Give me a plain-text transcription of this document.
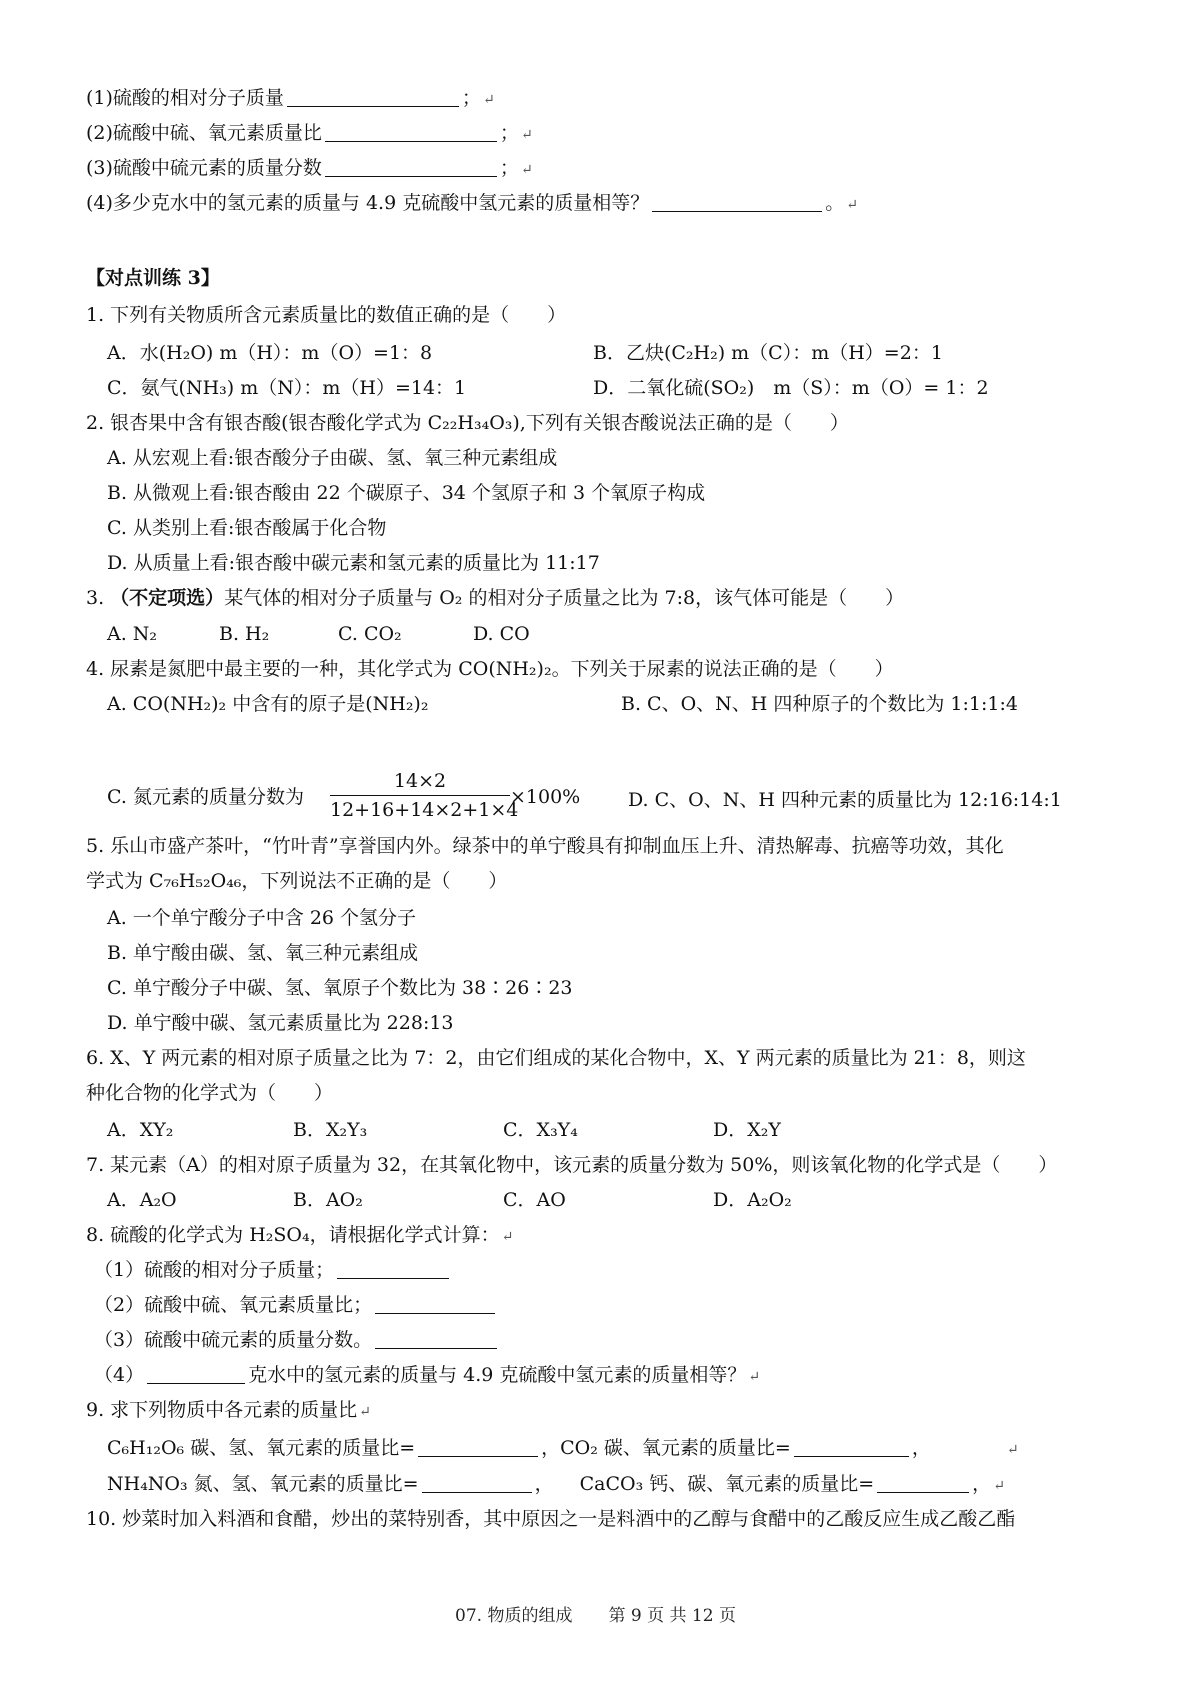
(1)硫酸的相对分子质量	； ↵
(2)硫酸中硫、氧元素质量比	； ↵
(3)硫酸中硫元素的质量分数	； ↵
(4)多少克水中的氢元素的质量与 4.9 克硫酸中氢元素的质量相等？	。 ↵
【对点训练 3】
1. 下列有关物质所含元素质量比的数值正确的是（　　）
A．水(H₂O) m（H）：m（O）=1：8	B．乙炔(C₂H₂) m（C）：m（H）=2：1
C．氨气(NH₃) m（N）：m（H）=14：1	D．二氧化硫(SO₂)　m（S）：m（O）= 1：2
2. 银杏果中含有银杏酸(银杏酸化学式为 C₂₂H₃₄O₃),下列有关银杏酸说法正确的是（　　）
A. 从宏观上看:银杏酸分子由碳、氢、氧三种元素组成
B. 从微观上看:银杏酸由 22 个碳原子、34 个氢原子和 3 个氧原子构成
C. 从类别上看:银杏酸属于化合物
D. 从质量上看:银杏酸中碳元素和氢元素的质量比为 11:17
3. （不定项选）某气体的相对分子质量与 O₂ 的相对分子质量之比为 7:8，该气体可能是（　　）
A. N₂	B. H₂	C. CO₂	D. CO
4. 尿素是氮肥中最主要的一种，其化学式为 CO(NH₂)₂。下列关于尿素的说法正确的是（　　）
A. CO(NH₂)₂ 中含有的原子是(NH₂)₂	B. C、O、N、H 四种原子的个数比为 1:1:1:4
C. 氮元素的质量分数为
14×2
12+16+14×2+1×4
×100%	D. C、O、N、H 四种元素的质量比为 12:16:14:1
5. 乐山市盛产茶叶，“竹叶青”享誉国内外。绿茶中的单宁酸具有抑制血压上升、清热解毒、抗癌等功效，其化
学式为 C₇₆H₅₂O₄₆，下列说法不正确的是（　　）
A. 一个单宁酸分子中含 26 个氢分子
B. 单宁酸由碳、氢、氧三种元素组成
C. 单宁酸分子中碳、氢、氧原子个数比为 38∶26∶23
D. 单宁酸中碳、氢元素质量比为 228:13
6. X、Y 两元素的相对原子质量之比为 7：2，由它们组成的某化合物中，X、Y 两元素的质量比为 21：8，则这
种化合物的化学式为（　　）
A．XY₂	B．X₂Y₃	C．X₃Y₄	D．X₂Y
7. 某元素（A）的相对原子质量为 32，在其氧化物中，该元素的质量分数为 50%，则该氧化物的化学式是（　　）
A．A₂O	B．AO₂	C．AO	D．A₂O₂
8. 硫酸的化学式为 H₂SO₄，请根据化学式计算： ↵
（1）硫酸的相对分子质量；
（2）硫酸中硫、氧元素质量比；
（3）硫酸中硫元素的质量分数。
（4）	克水中的氢元素的质量与 4.9 克硫酸中氢元素的质量相等？ ↵
9. 求下列物质中各元素的质量比 ↵
C₆H₁₂O₆ 碳、氢、氧元素的质量比=	，CO₂ 碳、氧元素的质量比=	，	↵
NH₄NO₃ 氮、氢、氧元素的质量比=	， CaCO₃ 钙、碳、氧元素的质量比=	， ↵
10. 炒菜时加入料酒和食醋，炒出的菜特别香，其中原因之一是料酒中的乙醇与食醋中的乙酸反应生成乙酸乙酯
07. 物质的组成 第 9 页 共 12 页
